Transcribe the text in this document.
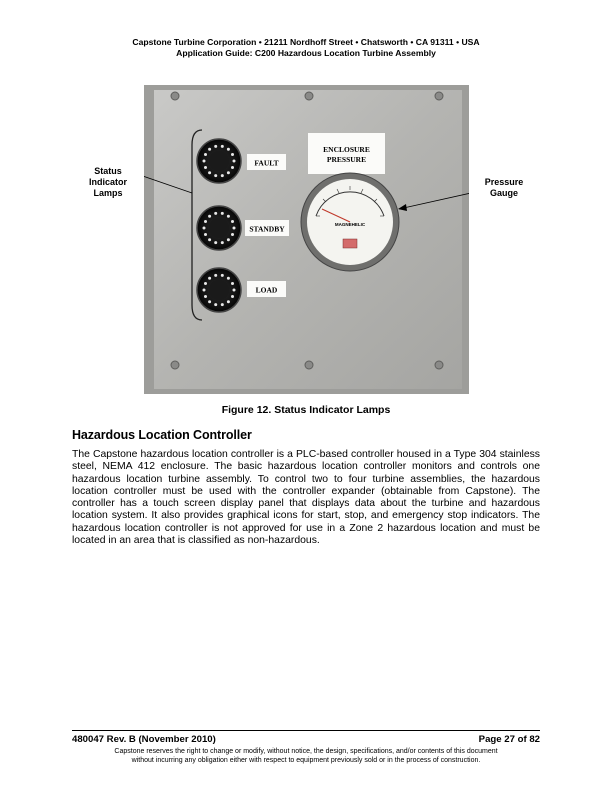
Capstone Turbine Corporation • 21211 Nordhoff Street • Chatsworth • CA 91311 • USA
Application Guide: C200 Hazardous Location Turbine Assembly
FAULT
STANDBY
LOAD
ENCLOSURE
PRESSURE
MAGNEHELIC
Status
Indicator
Lamps
Pressure
Gauge
Figure 12. Status Indicator Lamps
Hazardous Location Controller
The Capstone hazardous location controller is a PLC-based controller housed in a Type 304 stainless steel, NEMA 412 enclosure. The basic hazardous location controller monitors and controls one hazardous location turbine assembly. To control two to four turbine assemblies, the hazardous location controller must be used with the controller expander (obtainable from Capstone). The controller has a touch screen display panel that displays data about the turbine and hazardous location system. It also provides graphical icons for start, stop, and emergency stop indicators. The hazardous location controller is not approved for use in a Zone 2 hazardous location and must be located in an area that is classified as non-hazardous.
480047 Rev. B (November 2010)	Page 27 of 82
Capstone reserves the right to change or modify, without notice, the design, specifications, and/or contents of this document
without incurring any obligation either with respect to equipment previously sold or in the process of construction.
